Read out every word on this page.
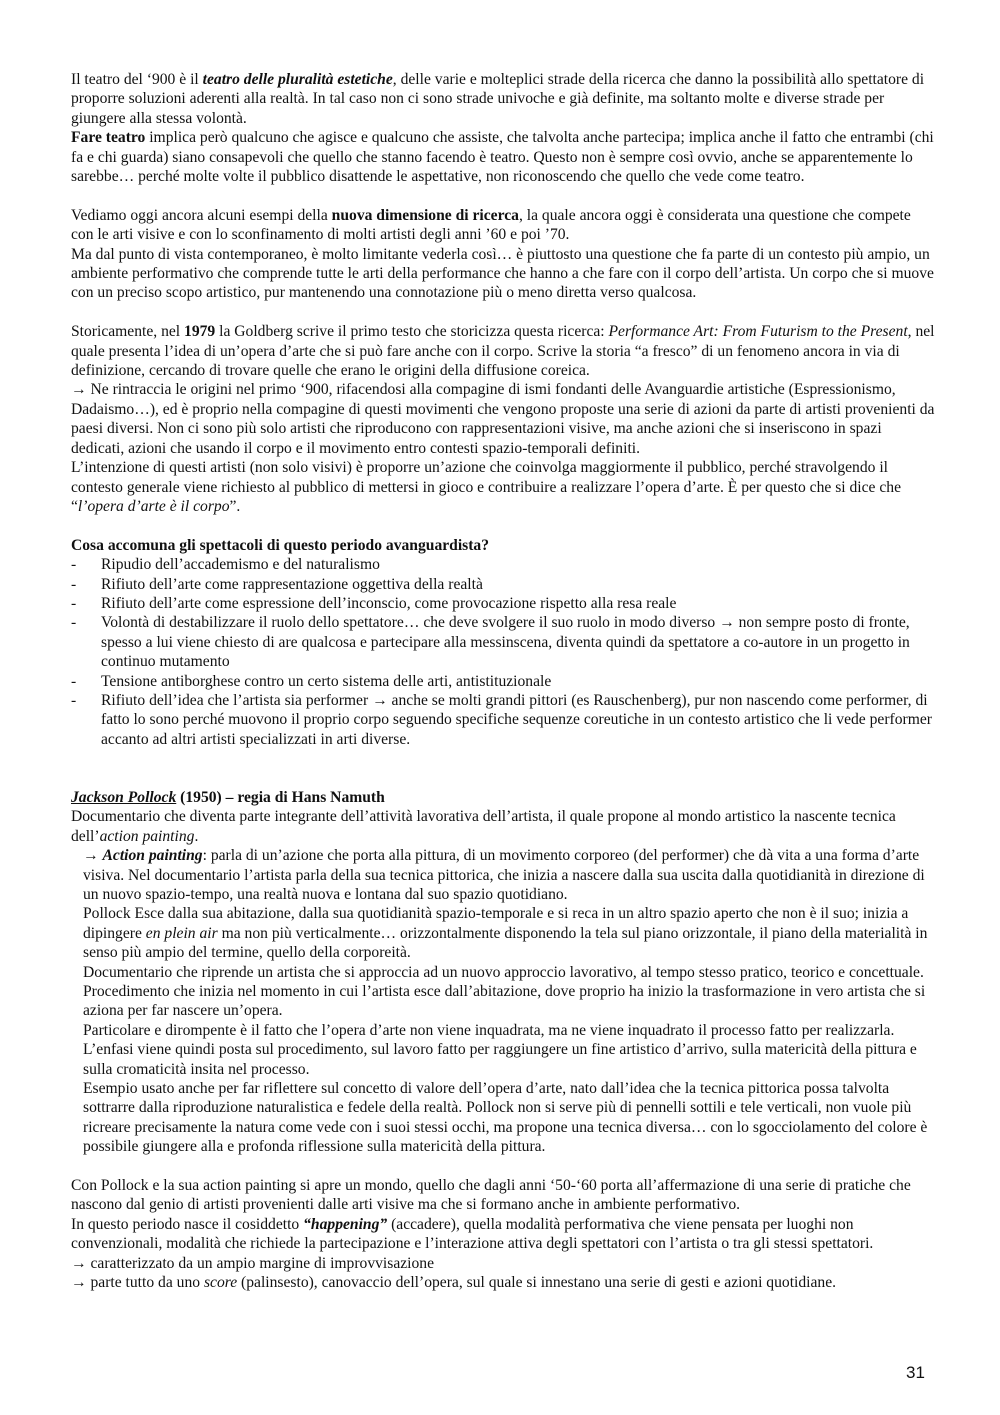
Il teatro del ‘900 è il teatro delle pluralità estetiche, delle varie e molteplici strade della ricerca che danno la possibilità allo spettatore di proporre soluzioni aderenti alla realtà. In tal caso non ci sono strade univoche e già definite, ma soltanto molte e diverse strade per giungere alla stessa volontà.

Fare teatro implica però qualcuno che agisce e qualcuno che assiste, che talvolta anche partecipa; implica anche il fatto che entrambi (chi fa e chi guarda) siano consapevoli che quello che stanno facendo è teatro. Questo non è sempre così ovvio, anche se apparentemente lo sarebbe… perché molte volte il pubblico disattende le aspettative, non riconoscendo che quello che vede come teatro.

Vediamo oggi ancora alcuni esempi della nuova dimensione di ricerca, la quale ancora oggi è considerata una questione che compete con le arti visive e con lo sconfinamento di molti artisti degli anni ’60 e poi ’70.

Ma dal punto di vista contemporaneo, è molto limitante vederla così… è piuttosto una questione che fa parte di un contesto più ampio, un ambiente performativo che comprende tutte le arti della performance che hanno a che fare con il corpo dell’artista. Un corpo che si muove con un preciso scopo artistico, pur mantenendo una connotazione più o meno diretta verso qualcosa.

Storicamente, nel 1979 la Goldberg scrive il primo testo che storicizza questa ricerca: Performance Art: From Futurism to the Present, nel quale presenta l’idea di un’opera d’arte che si può fare anche con il corpo. Scrive la storia “a fresco” di un fenomeno ancora in via di definizione, cercando di trovare quelle che erano le origini della diffusione coreica.

→ Ne rintraccia le origini nel primo ‘900, rifacendosi alla compagine di ismi fondanti delle Avanguardie artistiche (Espressionismo, Dadaismo…), ed è proprio nella compagine di questi movimenti che vengono proposte una serie di azioni da parte di artisti provenienti da paesi diversi. Non ci sono più solo artisti che riproducono con rappresentazioni visive, ma anche azioni che si inseriscono in spazi dedicati, azioni che usando il corpo e il movimento entro contesti spazio-temporali definiti.

L’intenzione di questi artisti (non solo visivi) è proporre un’azione che coinvolga maggiormente il pubblico, perché stravolgendo il contesto generale viene richiesto al pubblico di mettersi in gioco e contribuire a realizzare l’opera d’arte. È per questo che si dice che “l’opera d’arte è il corpo”.

Cosa accomuna gli spettacoli di questo periodo avanguardista?

- Ripudio dell’accademismo e del naturalismo
- Rifiuto dell’arte come rappresentazione oggettiva della realtà
- Rifiuto dell’arte come espressione dell’inconscio, come provocazione rispetto alla resa reale
- Volontà di destabilizzare il ruolo dello spettatore… che deve svolgere il suo ruolo in modo diverso → non sempre posto di fronte, spesso a lui viene chiesto di are qualcosa e partecipare alla messinscena, diventa quindi da spettatore a co-autore in un progetto in continuo mutamento
- Tensione antiborghese contro un certo sistema delle arti, antistituzionale
- Rifiuto dell’idea che l’artista sia performer → anche se molti grandi pittori (es Rauschenberg), pur non nascendo come performer, di fatto lo sono perché muovono il proprio corpo seguendo specifiche sequenze coreutiche in un contesto artistico che li vede performer accanto ad altri artisti specializzati in arti diverse.

Jackson Pollock (1950) – regia di Hans Namuth

Documentario che diventa parte integrante dell’attività lavorativa dell’artista, il quale propone al mondo artistico la nascente tecnica dell’action painting.

→ Action painting: parla di un’azione che porta alla pittura, di un movimento corporeo (del performer) che dà vita a una forma d’arte visiva. Nel documentario l’artista parla della sua tecnica pittorica, che inizia a nascere dalla sua uscita dalla quotidianità in direzione di un nuovo spazio-tempo, una realtà nuova e lontana dal suo spazio quotidiano.

Pollock Esce dalla sua abitazione, dalla sua quotidianità spazio-temporale e si reca in un altro spazio aperto che non è il suo; inizia a dipingere en plein air ma non più verticalmente… orizzontalmente disponendo la tela sul piano orizzontale, il piano della materialità in senso più ampio del termine, quello della corporeità.

Documentario che riprende un artista che si approccia ad un nuovo approccio lavorativo, al tempo stesso pratico, teorico e concettuale. Procedimento che inizia nel momento in cui l’artista esce dall’abitazione, dove proprio ha inizio la trasformazione in vero artista che si aziona per far nascere un’opera.

Particolare e dirompente è il fatto che l’opera d’arte non viene inquadrata, ma ne viene inquadrato il processo fatto per realizzarla. L’enfasi viene quindi posta sul procedimento, sul lavoro fatto per raggiungere un fine artistico d’arrivo, sulla matericità della pittura e sulla cromaticità insita nel processo.

Esempio usato anche per far riflettere sul concetto di valore dell’opera d’arte, nato dall’idea che la tecnica pittorica possa talvolta sottrarre dalla riproduzione naturalistica e fedele della realtà. Pollock non si serve più di pennelli sottili e tele verticali, non vuole più ricreare precisamente la natura come vede con i suoi stessi occhi, ma propone una tecnica diversa… con lo sgocciolamento del colore è possibile giungere alla e profonda riflessione sulla matericità della pittura.

Con Pollock e la sua action painting si apre un mondo, quello che dagli anni ‘50-‘60 porta all’affermazione di una serie di pratiche che nascono dal genio di artisti provenienti dalle arti visive ma che si formano anche in ambiente performativo.

In questo periodo nasce il cosiddetto “happening” (accadere), quella modalità performativa che viene pensata per luoghi non convenzionali, modalità che richiede la partecipazione e l’interazione attiva degli spettatori con l’artista o tra gli stessi spettatori.

→ caratterizzato da un ampio margine di improvvisazione

→ parte tutto da uno score (palinsesto), canovaccio dell’opera, sul quale si innestano una serie di gesti e azioni quotidiane.

31
